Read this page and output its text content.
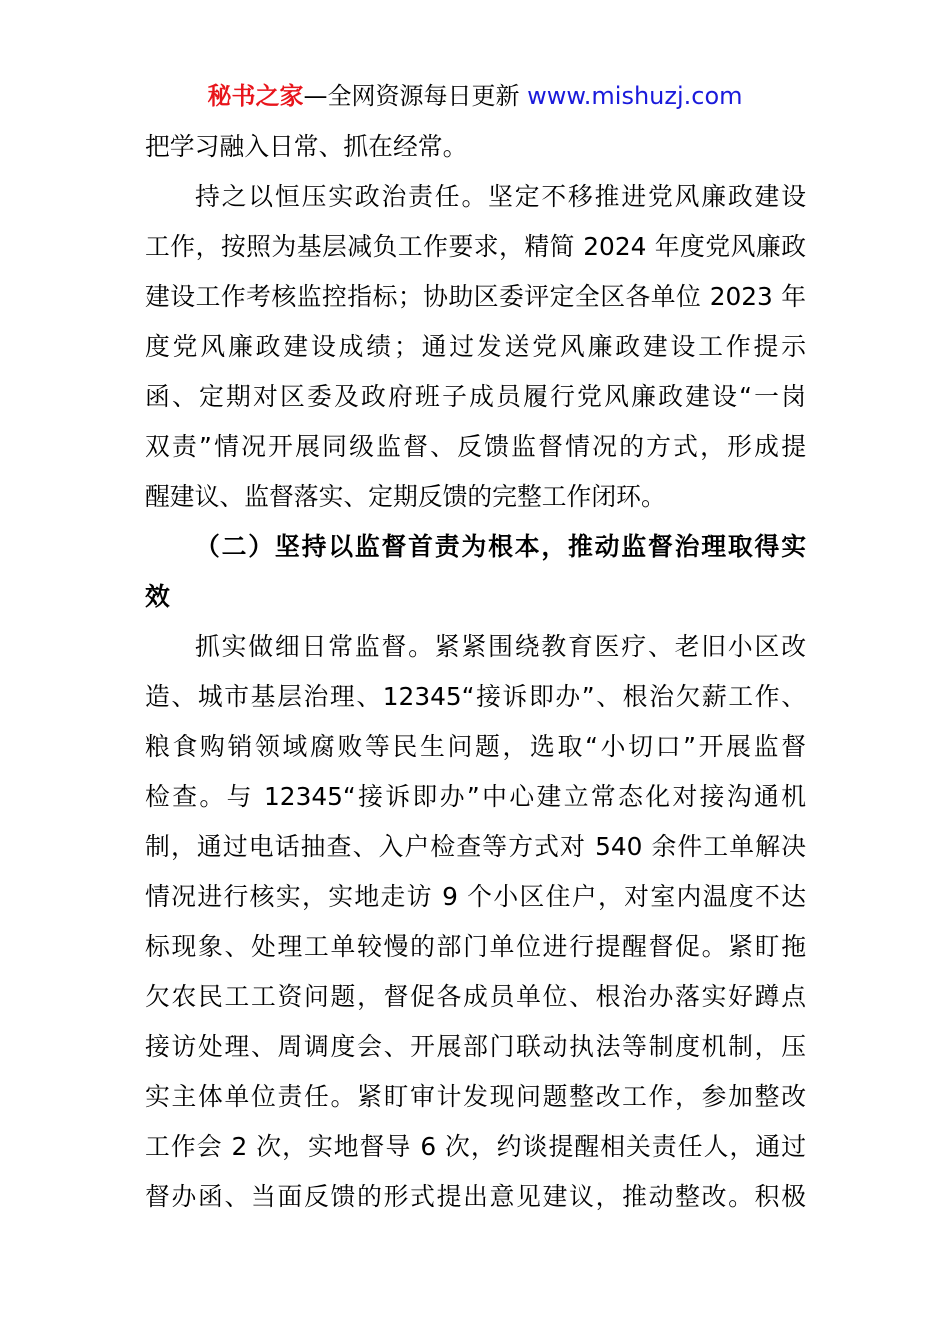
秘书之家—全网资源每日更新 www.mishuzj.com
把学习融入日常、抓在经常。
持之以恒压实政治责任。坚定不移推进党风廉政建设
工作，按照为基层减负工作要求，精简 2024 年度党风廉政
建设工作考核监控指标；协助区委评定全区各单位 2023 年
度党风廉政建设成绩；通过发送党风廉政建设工作提示
函、定期对区委及政府班子成员履行党风廉政建设“一岗
双责”情况开展同级监督、反馈监督情况的方式，形成提
醒建议、监督落实、定期反馈的完整工作闭环。
（二）坚持以监督首责为根本，推动监督治理取得实
效
抓实做细日常监督。紧紧围绕教育医疗、老旧小区改
造、城市基层治理、12345“接诉即办”、根治欠薪工作、
粮食购销领域腐败等民生问题，选取“小切口”开展监督
检查。与 12345“接诉即办”中心建立常态化对接沟通机
制，通过电话抽查、入户检查等方式对 540 余件工单解决
情况进行核实，实地走访 9 个小区住户，对室内温度不达
标现象、处理工单较慢的部门单位进行提醒督促。紧盯拖
欠农民工工资问题，督促各成员单位、根治办落实好蹲点
接访处理、周调度会、开展部门联动执法等制度机制，压
实主体单位责任。紧盯审计发现问题整改工作，参加整改
工作会 2 次，实地督导 6 次，约谈提醒相关责任人，通过
督办函、当面反馈的形式提出意见建议，推动整改。积极
